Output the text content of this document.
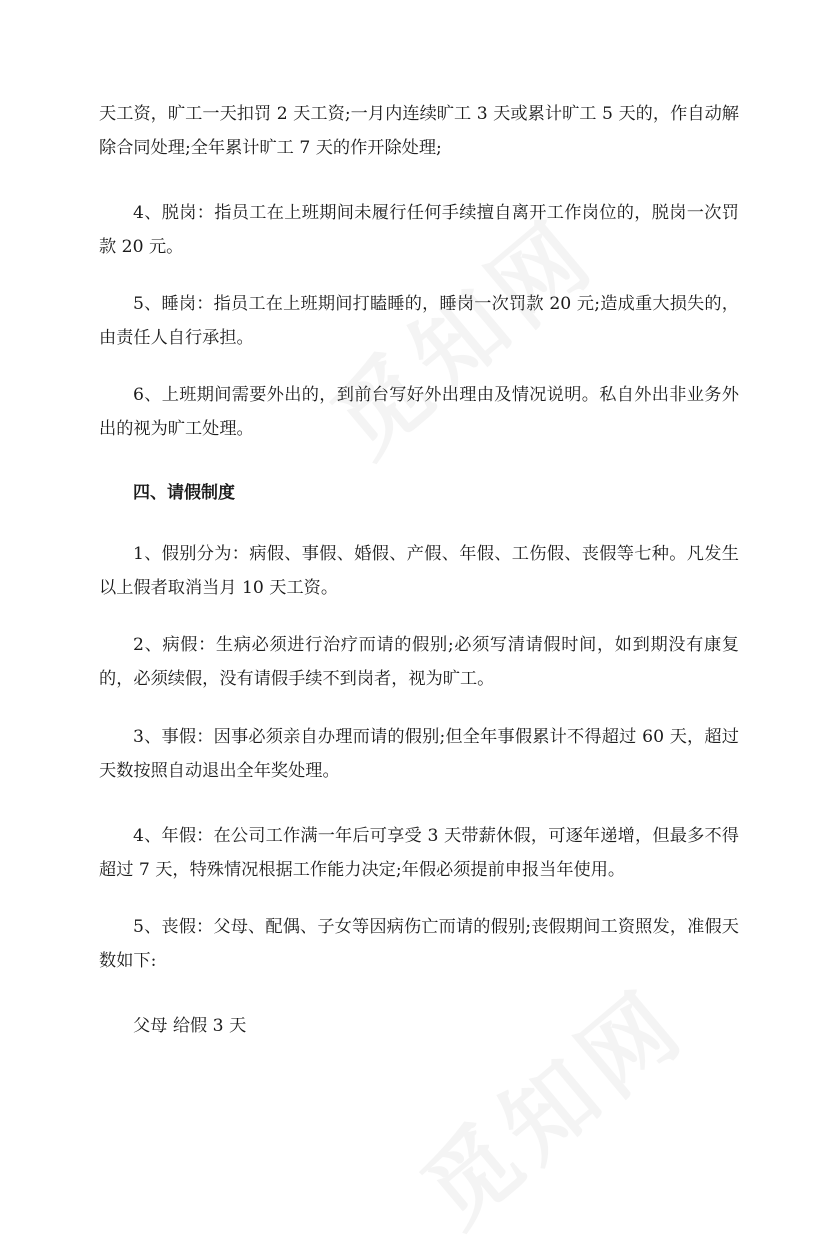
天工资，旷工一天扣罚 2 天工资;一月内连续旷工 3 天或累计旷工 5 天的，作自动解除合同处理;全年累计旷工 7 天的作开除处理;

4、脱岗：指员工在上班期间未履行任何手续擅自离开工作岗位的，脱岗一次罚款 20 元。

5、睡岗：指员工在上班期间打瞌睡的，睡岗一次罚款 20 元;造成重大损失的，由责任人自行承担。

6、上班期间需要外出的，到前台写好外出理由及情况说明。私自外出非业务外出的视为旷工处理。

四、请假制度

1、假别分为：病假、事假、婚假、产假、年假、工伤假、丧假等七种。凡发生以上假者取消当月 10 天工资。

2、病假：生病必须进行治疗而请的假别;必须写清请假时间，如到期没有康复的，必须续假，没有请假手续不到岗者，视为旷工。

3、事假：因事必须亲自办理而请的假别;但全年事假累计不得超过 60 天，超过天数按照自动退出全年奖处理。

4、年假：在公司工作满一年后可享受 3 天带薪休假，可逐年递增，但最多不得超过 7 天，特殊情况根据工作能力决定;年假必须提前申报当年使用。

5、丧假：父母、配偶、子女等因病伤亡而请的假别;丧假期间工资照发，准假天数如下:

父母 给假 3 天
